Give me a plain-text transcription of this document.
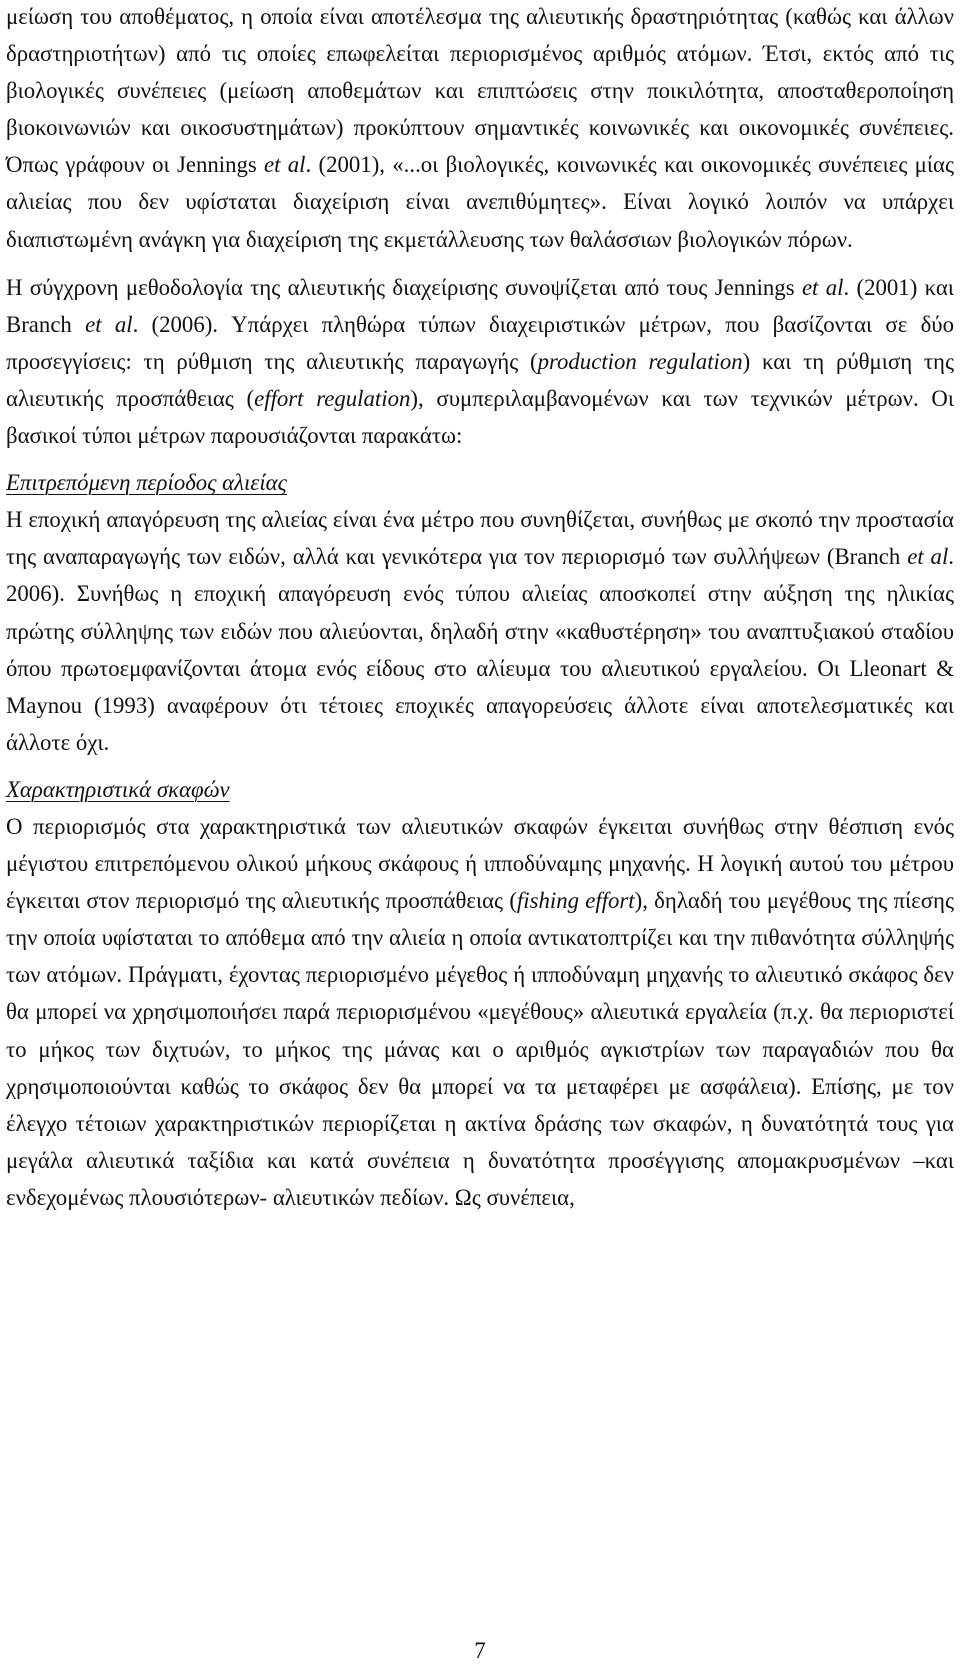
μείωση του αποθέματος, η οποία είναι αποτέλεσμα της αλιευτικής δραστηριότητας (καθώς και άλλων δραστηριοτήτων) από τις οποίες επωφελείται περιορισμένος αριθμός ατόμων. Έτσι, εκτός από τις βιολογικές συνέπειες (μείωση αποθεμάτων και επιπτώσεις στην ποικιλότητα, αποσταθεροποίηση βιοκοινωνιών και οικοσυστημάτων) προκύπτουν σημαντικές κοινωνικές και οικονομικές συνέπειες. Όπως γράφουν οι Jennings et al. (2001), «...οι βιολογικές, κοινωνικές και οικονομικές συνέπειες μίας αλιείας που δεν υφίσταται διαχείριση είναι ανεπιθύμητες». Είναι λογικό λοιπόν να υπάρχει διαπιστωμένη ανάγκη για διαχείριση της εκμετάλλευσης των θαλάσσιων βιολογικών πόρων.

Η σύγχρονη μεθοδολογία της αλιευτικής διαχείρισης συνοψίζεται από τους Jennings et al. (2001) και Branch et al. (2006). Υπάρχει πληθώρα τύπων διαχειριστικών μέτρων, που βασίζονται σε δύο προσεγγίσεις: τη ρύθμιση της αλιευτικής παραγωγής (production regulation) και τη ρύθμιση της αλιευτικής προσπάθειας (effort regulation), συμπεριλαμβανομένων και των τεχνικών μέτρων. Οι βασικοί τύποι μέτρων παρουσιάζονται παρακάτω:

Επιτρεπόμενη περίοδος αλιείας

Η εποχική απαγόρευση της αλιείας είναι ένα μέτρο που συνηθίζεται, συνήθως με σκοπό την προστασία της αναπαραγωγής των ειδών, αλλά και γενικότερα για τον περιορισμό των συλλήψεων (Branch et al. 2006). Συνήθως η εποχική απαγόρευση ενός τύπου αλιείας αποσκοπεί στην αύξηση της ηλικίας πρώτης σύλληψης των ειδών που αλιεύονται, δηλαδή στην «καθυστέρηση» του αναπτυξιακού σταδίου όπου πρωτοεμφανίζονται άτομα ενός είδους στο αλίευμα του αλιευτικού εργαλείου. Οι Lleonart & Maynou (1993) αναφέρουν ότι τέτοιες εποχικές απαγορεύσεις άλλοτε είναι αποτελεσματικές και άλλοτε όχι.

Χαρακτηριστικά σκαφών

Ο περιορισμός στα χαρακτηριστικά των αλιευτικών σκαφών έγκειται συνήθως στην θέσπιση ενός μέγιστου επιτρεπόμενου ολικού μήκους σκάφους ή ιπποδύναμης μηχανής. Η λογική αυτού του μέτρου έγκειται στον περιορισμό της αλιευτικής προσπάθειας (fishing effort), δηλαδή του μεγέθους της πίεσης την οποία υφίσταται το απόθεμα από την αλιεία η οποία αντικατοπτρίζει και την πιθανότητα σύλληψής των ατόμων. Πράγματι, έχοντας περιορισμένο μέγεθος ή ιπποδύναμη μηχανής το αλιευτικό σκάφος δεν θα μπορεί να χρησιμοποιήσει παρά περιορισμένου «μεγέθους» αλιευτικά εργαλεία (π.χ. θα περιοριστεί το μήκος των διχτυών, το μήκος της μάνας και ο αριθμός αγκιστρίων των παραγαδιών που θα χρησιμοποιούνται καθώς το σκάφος δεν θα μπορεί να τα μεταφέρει με ασφάλεια). Επίσης, με τον έλεγχο τέτοιων χαρακτηριστικών περιορίζεται η ακτίνα δράσης των σκαφών, η δυνατότητά τους για μεγάλα αλιευτικά ταξίδια και κατά συνέπεια η δυνατότητα προσέγγισης απομακρυσμένων –και ενδεχομένως πλουσιότερων- αλιευτικών πεδίων. Ως συνέπεια,

7
